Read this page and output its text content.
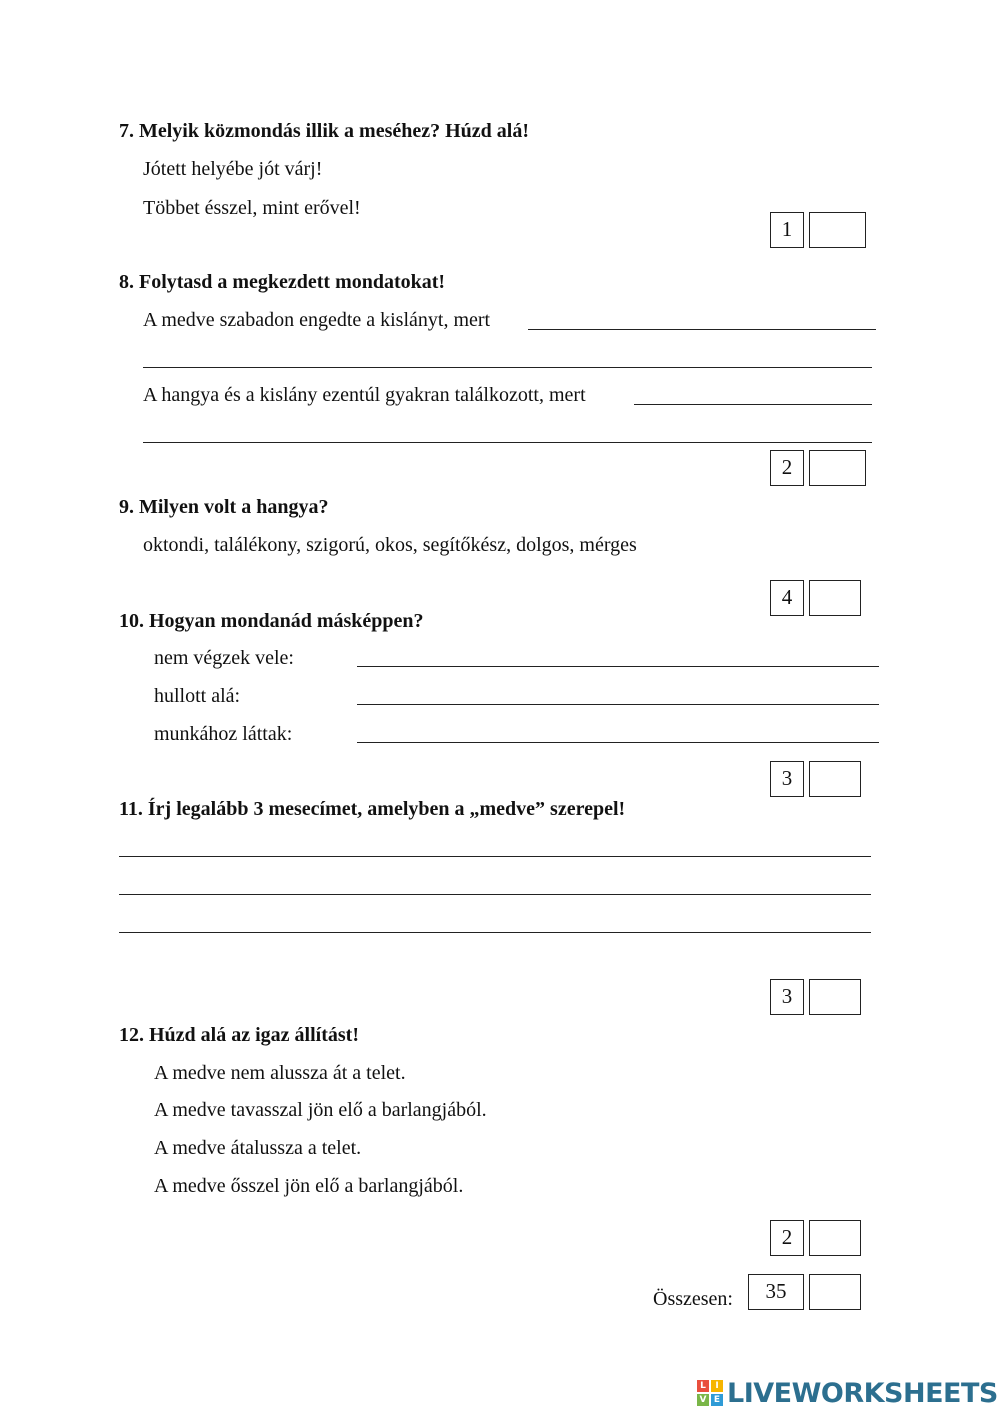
7. Melyik közmondás illik a meséhez? Húzd alá!
Jótett helyébe jót várj!
Többet ésszel, mint erővel!
1
8. Folytasd a megkezdett mondatokat!
A medve szabadon engedte a kislányt, mert
A hangya és a kislány ezentúl gyakran találkozott, mert
2
9. Milyen volt a hangya?
oktondi, találékony, szigorú, okos, segítőkész, dolgos, mérges
4
10. Hogyan mondanád másképpen?
nem végzek vele:
hullott alá:
munkához láttak:
3
11. Írj legalább 3 mesecímet, amelyben a „medve” szerepel!
3
12. Húzd alá az igaz állítást!
A medve nem alussza át a telet.
A medve tavasszal jön elő a barlangjából.
A medve átalussza a telet.
A medve ősszel jön elő a barlangjából.
2
Összesen:	35
L	I
V E LIVEWORKSHEETS
